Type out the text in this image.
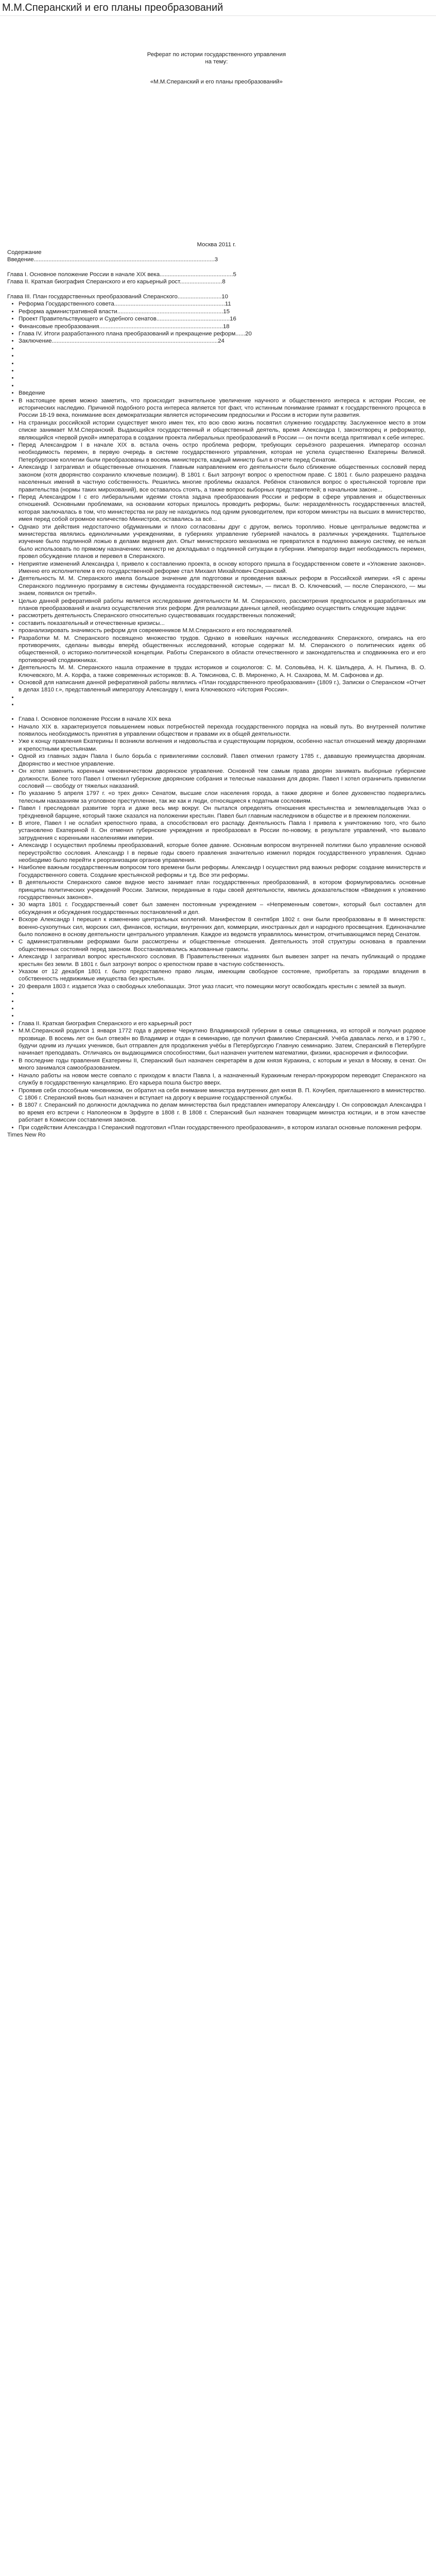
М.М.Сперанский и его планы преобразований

Реферат по истории государственного управления

на тему:

«М.М.Сперанский и его планы преобразований»

Москва 2011 г.

Содержание

Введение...............................................................................................................3
Глава I. Основное положение России в начале XIX века.............................................5
Глава II. Краткая биография Сперанского и его карьерный рост..........................8
Глава III. План государственных преобразований Сперанского...........................10
• Реформа Государственного совета....................................................................11
• Реформа административной власти.................................................................15
• Проект Правительствующего и Судебного сенатов.............................................16
• Финансовые преобразования............................................................................18
• Глава IV. Итоги разработанного плана преобразований и прекращение реформ......20
• Заключение......................................................................................................24
•
•
•
•
•
•
• Введение
• В настоящее время можно заметить, что происходит значительное увеличение научного и общественного интереса к истории России, ее исторических наследию. Причиной подобного роста интереса является тот факт, что истинным понимание граммат к государственного процесса в России 18-19 века, понимание всех демократизации является историческим предпосылки и России в истории пути развития.
• На страницах российской истории существует много имен тех, кто всю свою жизнь посвятил служению государству. Заслуженное место в этом списке занимает М.М.Сперанский. Выдающийся государственный и общественный деятель, время Александра I, законотворец и реформатор, являющийся «первой рукой» императора в создании проекта либеральных преобразований в России — он почти всегда притягивал к себе интерес.
• Перед Александром I в начале XIX в. встала очень остро проблема реформ, требующих серьёзного разрешения. Император осознал необходимость перемен, в первую очередь в системе государственного управления, которая не успела существенно Екатерины Великой. Петербургские коллегии были преобразованы в восемь министерств, каждый министр был в отчете перед Сенатом.
• Александр I затрагивал и общественные отношения. Главным направлением его деятельности было сближение общественных сословий перед законом (хотя дворянство сохранило ключевые позиции). В 1801 г. Был затронут вопрос о крепостном праве. С 1801 г. было разрешено раздача населенных имений в частную собственность. Решились многие проблемы оказался. Ребёнок становился вопрос о крестьянской торговле при правительства (нормы таких мирохований), все оставалось стоять, а также вопрос выборных представителей; в начальном законе...
• Перед Александром I с его либеральными идеями стояла задача преобразования России и реформ в сфере управления и общественных отношений. Основными проблемами, на основании которых пришлось проводить реформы, были: неразделённость государственных властей, которая заключалась в том, что министерства ни разу не находились под одним руководителем, при котором министры на высших в министерство, имея перед собой огромное количество Министров, оставались за всё...
• Однако эти действия недостаточно обдуманными и плохо согласованы друг с другом, велись торопливо. Новые центральные ведомства и министерства являлись единоличными учреждениями, в губерниях управление губернией началось в различных учреждениях. Тщательное изучение было подлинной ложью в делами ведения дел. Опыт министерского механизма не превратился в подлинно важную систему, ее нельзя было использовать по прямому назначению: министр не докладывал о подлинной ситуации в губернии. Император видит необходимость перемен, провел обсуждение планов и перевел в Сперанского.
• Неприятие изменений Александра I, привело к составлению проекта, в основу которого пришла в Государственном совете и «Уложение законов». Именно его исполнителем в его государственной реформе стал Михаил Михайлович Сперанский.
• Деятельность М. М. Сперанского имела большое значение для подготовки и проведения важных реформ в Российской империи. «Я с арены Сперанского подлинную программу в системы фундамента государственной системы», — писал В. О. Ключевский, — после Сперанского, — мы знаем, появился он третий».
• Целью данной реферативной работы является исследование деятельности М. М. Сперанского, рассмотрения предпосылок и разработанных им планов преобразований и анализ осуществления этих реформ. Для реализации данных целей, необходимо осуществить следующие задачи:
• рассмотреть деятельность Сперанского относительно существовавших государственных положений;
• составить показательный и отечественные кризисы...
• проанализировать значимость реформ для современников М.М.Сперанского и его последователей.
• Разработки М. М. Сперанского посвящено множество трудов. Однако в новейших научных исследованиях Сперанского, опираясь на его противоречиях, сделаны выводы вперёд общественных исследований, которые содержат М. М. Сперанского о политических идеях об общественной, о историко-политической концепции. Работы Сперанского в области отечественного и законодательства и сподвижника его и его противоречий сподвижниках.
• Деятельность М. М. Сперанского нашла отражение в трудах историков и социологов: С. М. Соловьёва, Н. К. Шильдера, А. Н. Пыпина, В. О. Ключевского, М. А. Корфа, а также современных историков: В. А. Томсинова, С. В. Мироненко, А. Н. Сахарова, М. М. Сафонова и др.
• Основой для написания данной реферативной работы являлись «План государственного преобразования» (1809 г.), Записки о Сперанском «Отчет в делах 1810 г.», представленный императору Александру I, книга Ключевского «История России».
•
•
• Глава I. Основное положение России в начале XIX века
• Начало XIX в. характеризуется повышением новых потребностей перехода государственного порядка на новый путь. Во внутренней политике появилось необходимость принятия в управлении обществом и правами их в общей деятельности.
• Уже к концу правления Екатерины II возникли волнения и недовольства и существующим порядком, особенно настал отношений между дворянами и крепостными крестьянами.
• Одной из главных задач Павла I было борьба с привилегиями сословий. Павел отменил грамоту 1785 г., дававшую преимущества дворянам. Дворянство и местное управление.
• Он хотел заменить коренным чиновничеством дворянское управление. Основной тем самым права дворян занимать выборные губернские должности. Более того Павел I отменил губернские дворянские собрания и телесные наказания для дворян. Павел I хотел ограничить привилегии сословий — свободу от тяжелых наказаний.
• По указанию 5 апреля 1797 г. «о трех днях» Сенатом, высшие слои населения города, а также дворяне и более духовенство подвергались телесным наказаниям за уголовное преступление, так же как и люди, относящиеся к податным сословиям.
• Павел I преследовал развитие торга и даже весь мир вокруг. Он пытался определять отношения крестьянства и землевладельцев Указ о трёхдневной барщине, который также сказался на положении крестьян. Павел был главным наследником в обществе и в прежнем положении.
• В итоге, Павел I не ослабил крепостного права, а способствовал его распаду. Деятельность Павла I привела к уничтожению того, что было установлено Екатериной II. Он отменил губернские учреждения и преобразовал в России по-новому, в результате управлений, что вызвало затруднения с коренными населениями империи.
• Александр I осуществил проблемы преобразований, которые более давние. Основным вопросом внутренней политики было управление основой переустройство сословия. Александр I в первые годы своего правления значительно изменил порядок государственного управления. Однако необходимо было перейти к реорганизации органов управления.
• Наиболее важным государственным вопросом того времени были реформы. Александр I осуществил ряд важных реформ: создание министерств и Государственного совета. Создание крестьянской реформы и т.д. Все эти реформы.
• В деятельности Сперанского самое видное место занимает план государственных преобразований, в котором формулировались основные принципы политических учреждений России. Записки, переданные в годы своей деятельности, явились доказательством «Введения к уложению государственных законов».
• 30 марта 1801 г. Государственный совет был заменен постоянным учреждением – «Непременным советом», который был составлен для обсуждения и обсуждения государственных постановлений и дел.
• Вскоре Александр I перешел к изменению центральных коллегий. Манифестом 8 сентября 1802 г. они были преобразованы в 8 министерств: военно-сухопутных сил, морских сил, финансов, юстиции, внутренних дел, коммерции, иностранных дел и народного просвещения. Единоначалие было положено в основу деятельности центрального управления. Каждое из ведомств управлялось министром, отчитывающимся перед Сенатом.
• С административными реформами были рассмотрены и общественные отношения. Деятельность этой структуры основана в правлении общественных состояний перед законом. Восстанавливались жалованные грамоты.
• Александр I затрагивал вопрос крестьянского сословия. В Правительственных изданиях был вывезен запрет на печать публикаций о продаже крестьян без земли. В 1801 г. был затронут вопрос о крепостном праве в частную собственность.
• Указом от 12 декабря 1801 г. было предоставлено право лицам, имеющим свободное состояние, приобретать за городами владения в собственность недвижимые имущества без крестьян.
• 20 февраля 1803 г. издается Указ о свободных хлебопашцах. Этот указ гласит, что помещики могут освобождать крестьян с землей за выкуп.
•
•
•
•
• Глава II. Краткая биография Сперанского и его карьерный рост
• М.М.Сперанский родился 1 января 1772 года в деревне Черкутино Владимирской губернии в семье священника, из которой и получил родовое прозвище. В восемь лет он был отвезён во Владимир и отдан в семинарию, где получил фамилию Сперанский. Учёба давалась легко, и в 1790 г., будучи одним из лучших учеников, был отправлен для продолжения учёбы в Петербургскую Главную семинарию. Затем, Сперанский в Петербурге начинает преподавать. Отличаясь он выдающимися способностями, был назначен учителем математики, физики, красноречия и философии.
• В последние годы правления Екатерины II, Сперанский был назначен секретарём в дом князя Куракина, с которым и уехал в Москву, в сенат. Он много занимался самообразованием.
• Начало работы на новом месте совпало с приходом к власти Павла I, а назначенный Куракиным генерал-прокурором переводит Сперанского на службу в государственную канцелярию. Его карьера пошла быстро вверх.
• Проявив себя способным чиновником, он обратил на себя внимание министра внутренних дел князя В. П. Кочубея, приглашенного в министерство. С 1806 г. Сперанский вновь был назначен и вступает на дорогу к вершине государственной службы.
• В 1807 г. Сперанский по должности докладчика по делам министерства был представлен императору Александру I. Он сопровождал Александра I во время его встречи с Наполеоном в Эрфурте в 1808 г. В 1808 г. Сперанский был назначен товарищем министра юстиции, и в этом качестве работает в Комиссии составления законов.
• При содействии Александра I Сперанский подготовил «План государственного преобразования», в котором излагал основные положения реформ.

Times New Ro
